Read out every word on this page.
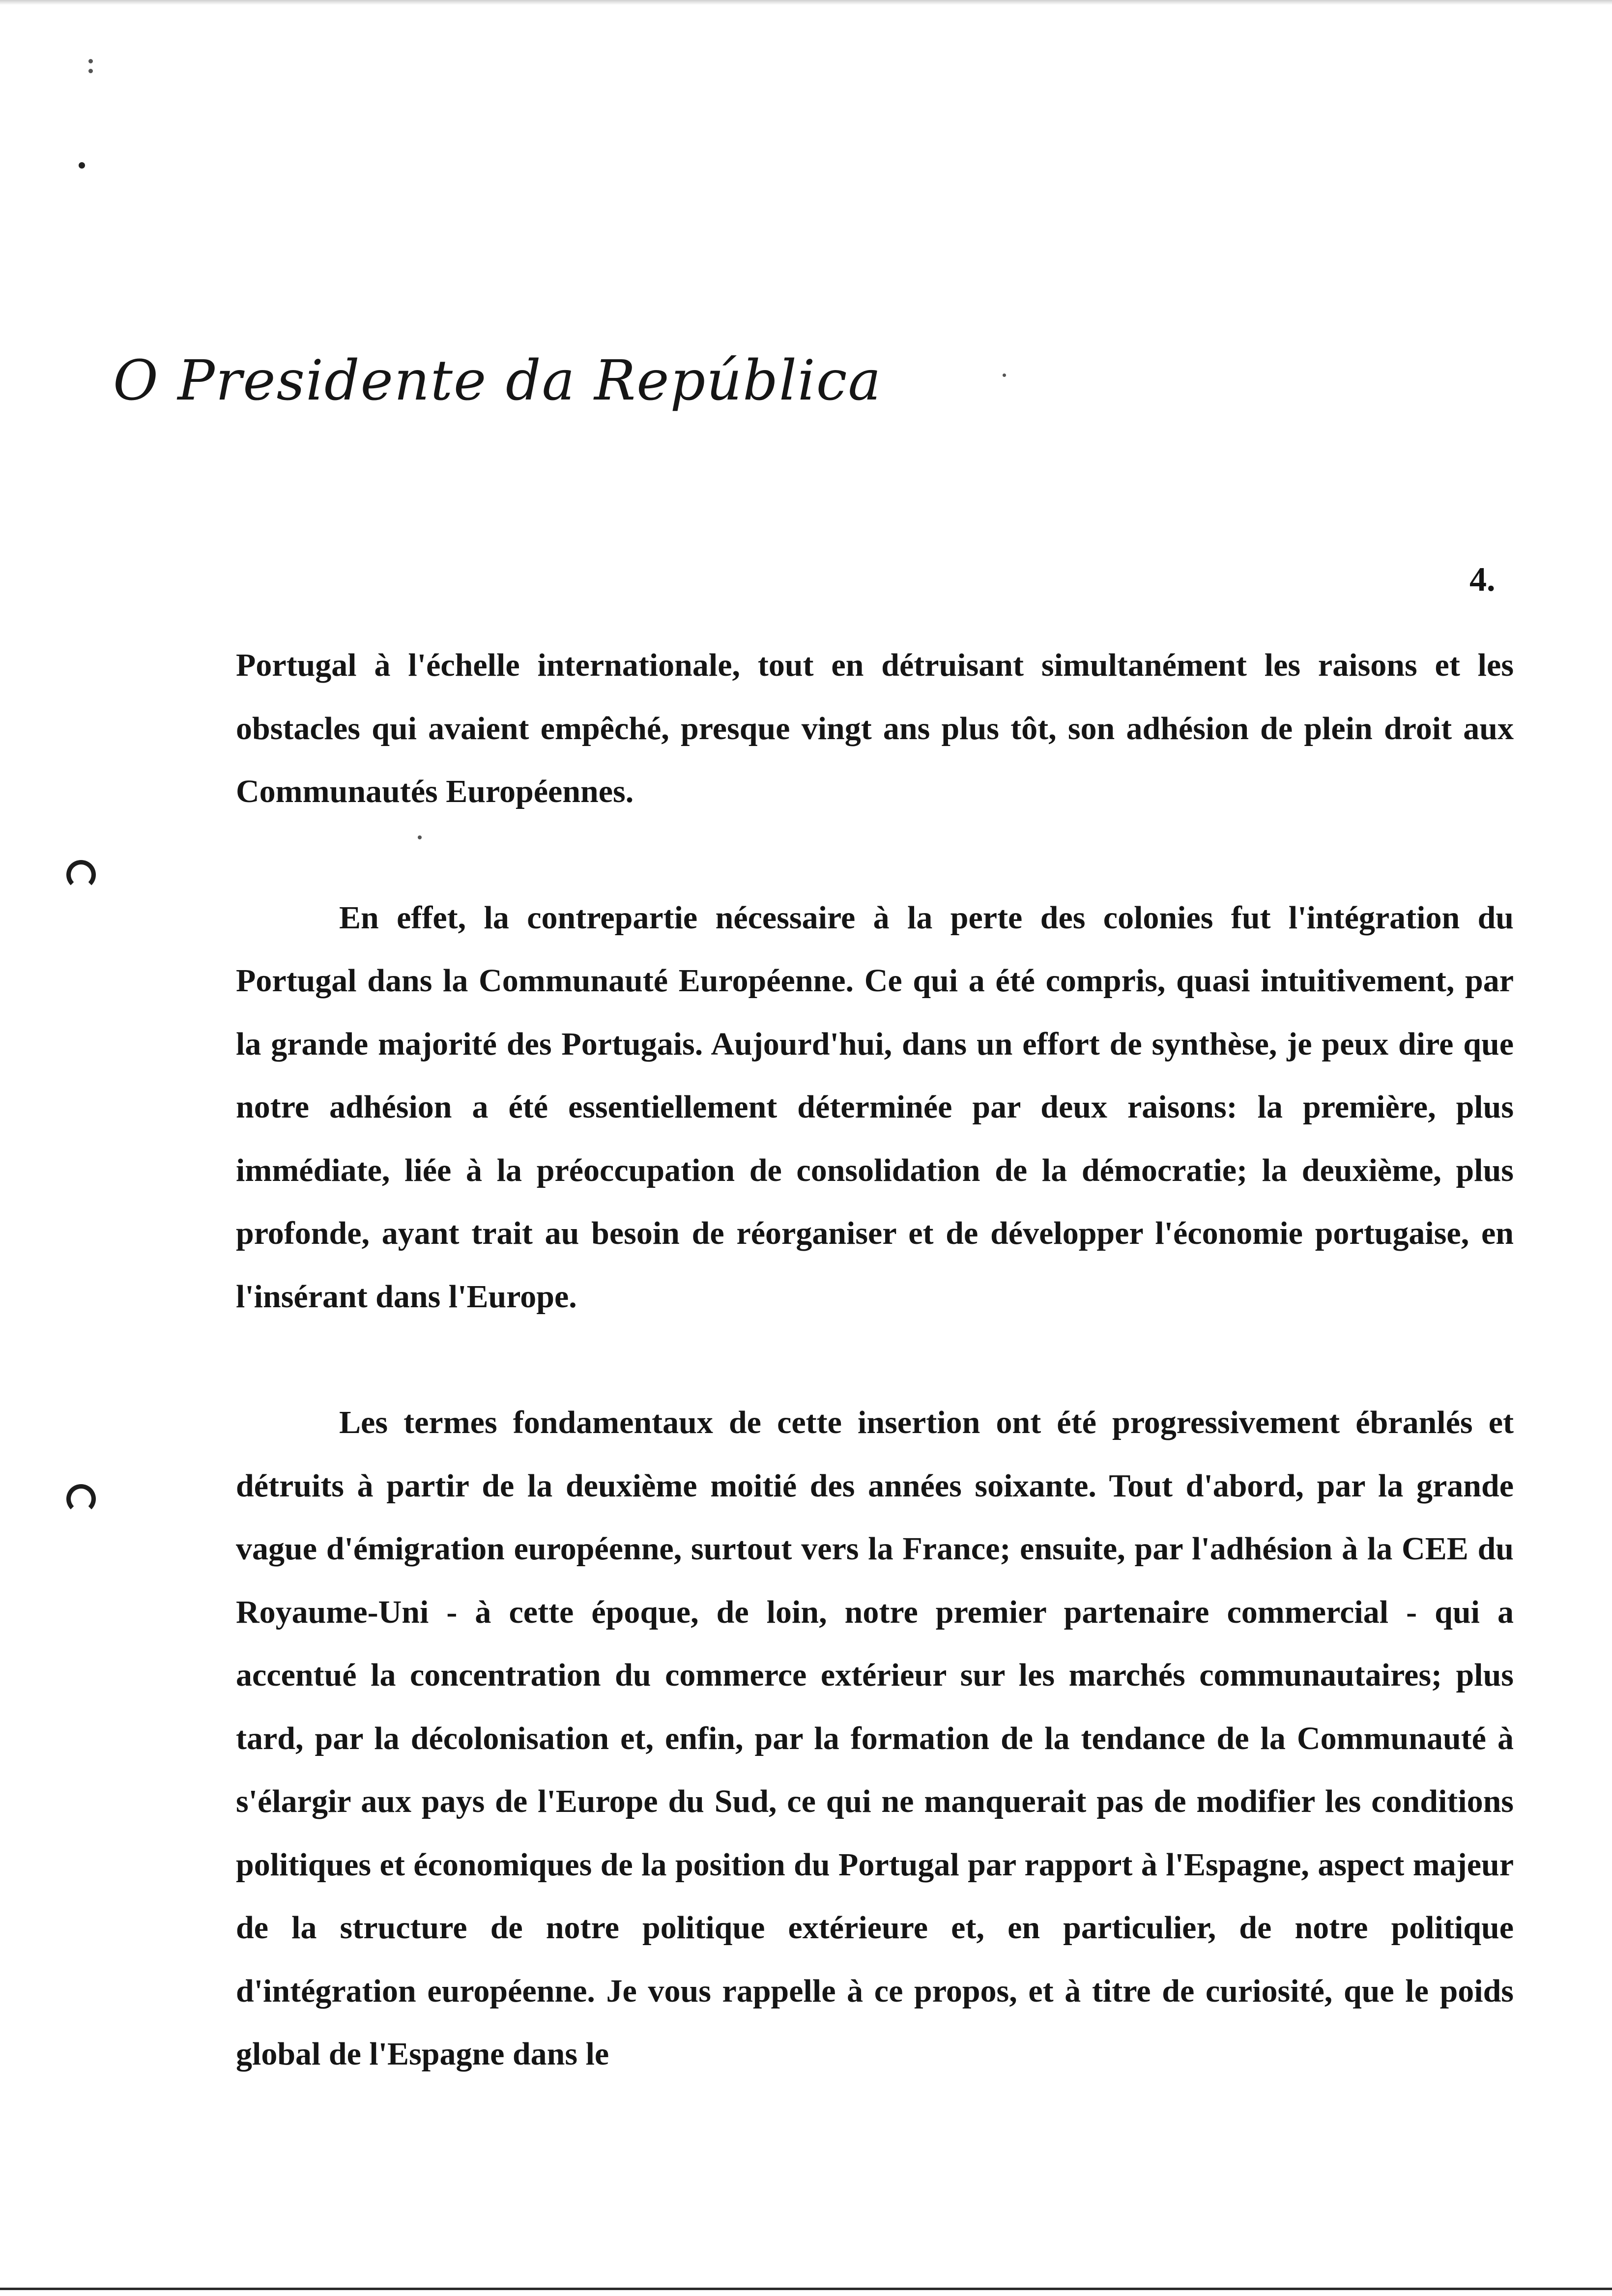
O Presidente da República
4.

Portugal à l'échelle internationale, tout en détruisant simultanément les raisons et les obstacles qui avaient empêché, presque vingt ans plus tôt, son adhésion de plein droit aux Communautés Européennes.

En effet, la contrepartie nécessaire à la perte des colonies fut l'intégration du Portugal dans la Communauté Européenne. Ce qui a été compris, quasi intuitivement, par la grande majorité des Portugais. Aujourd'hui, dans un effort de synthèse, je peux dire que notre adhésion a été essentiellement déterminée par deux raisons: la première, plus immédiate, liée à la préoccupation de consolidation de la démocratie; la deuxième, plus profonde, ayant trait au besoin de réorganiser et de développer l'économie portugaise, en l'insérant dans l'Europe.

Les termes fondamentaux de cette insertion ont été progressivement ébranlés et détruits à partir de la deuxième moitié des années soixante. Tout d'abord, par la grande vague d'émigration européenne, surtout vers la France; ensuite, par l'adhésion à la CEE du Royaume-Uni - à cette époque, de loin, notre premier partenaire commercial - qui a accentué la concentration du commerce extérieur sur les marchés communautaires; plus tard, par la décolonisation et, enfin, par la formation de la tendance de la Communauté à s'élargir aux pays de l'Europe du Sud, ce qui ne manquerait pas de modifier les conditions politiques et économiques de la position du Portugal par rapport à l'Espagne, aspect majeur de la structure de notre politique extérieure et, en particulier, de notre politique d'intégration européenne. Je vous rappelle à ce propos, et à titre de curiosité, que le poids global de l'Espagne dans le
